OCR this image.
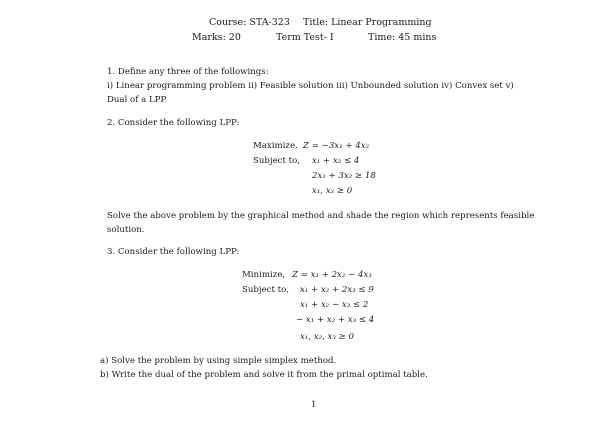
Course: STA-323 Title: Linear Programming
Marks: 20	Term Test- I	Time: 45 mins
1. Define any three of the followings:
i) Linear programming problem ii) Feasible solution iii) Unbounded solution iv) Convex set v)
Dual of a LPP
2. Consider the following LPP:
Maximize, Z = −3x₁ + 4x₂
Subject to, x₁ + x₂ ≤ 4
2x₁ + 3x₂ ≥ 18
x₁, x₂ ≥ 0
Solve the above problem by the graphical method and shade the region which represents feasible
solution.
3. Consider the following LPP:
Minimize, Z = x₁ + 2x₂ − 4x₃
Subject to, x₁ + x₂ + 2x₃ ≤ 9
x₁ + x₂ − x₃ ≤ 2
− x₁ + x₂ + x₃ ≤ 4
x₁, x₂, x₃ ≥ 0
a) Solve the problem by using simple simplex method.
b) Write the dual of the problem and solve it from the primal optimal table.
1
